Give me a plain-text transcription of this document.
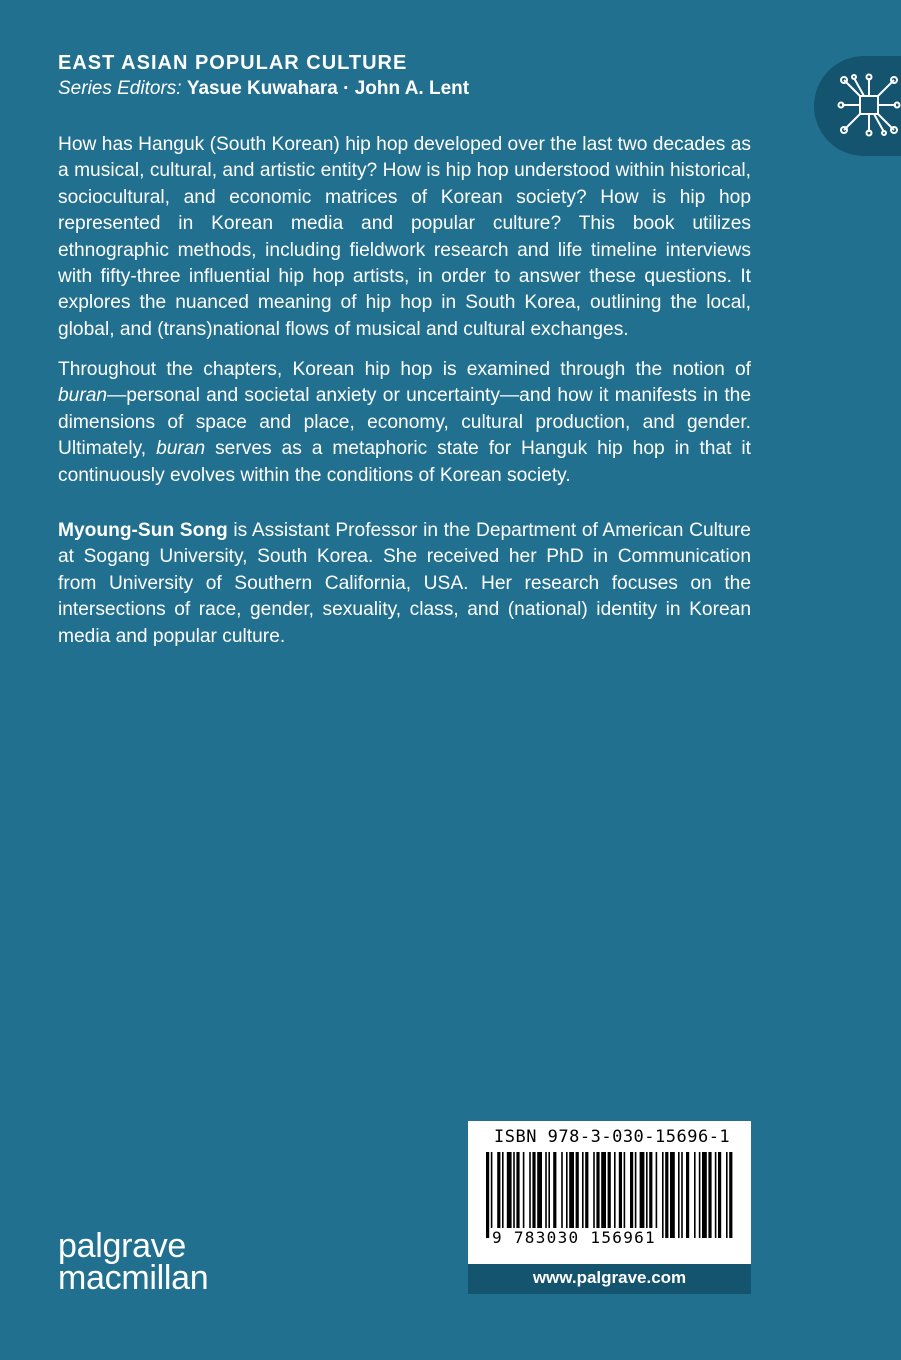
EAST ASIAN POPULAR CULTURE
Series Editors: Yasue Kuwahara · John A. Lent

How has Hanguk (South Korean) hip hop developed over the last two decades as a musical, cultural, and artistic entity? How is hip hop understood within historical, sociocultural, and economic matrices of Korean society? How is hip hop represented in Korean media and popular culture? This book utilizes ethnographic methods, including fieldwork research and life timeline interviews with fifty-three influential hip hop artists, in order to answer these questions. It explores the nuanced meaning of hip hop in South Korea, outlining the local, global, and (trans)national flows of musical and cultural exchanges.

Throughout the chapters, Korean hip hop is examined through the notion of buran—personal and societal anxiety or uncertainty—and how it manifests in the dimensions of space and place, economy, cultural production, and gender. Ultimately, buran serves as a metaphoric state for Hanguk hip hop in that it continuously evolves within the conditions of Korean society.

Myoung-Sun Song is Assistant Professor in the Department of American Culture at Sogang University, South Korea. She received her PhD in Communication from University of Southern California, USA. Her research focuses on the intersections of race, gender, sexuality, class, and (national) identity in Korean media and popular culture.

ISBN 978-3-030-15696-1
9 783030 156961
www.palgrave.com
palgrave
macmillan
